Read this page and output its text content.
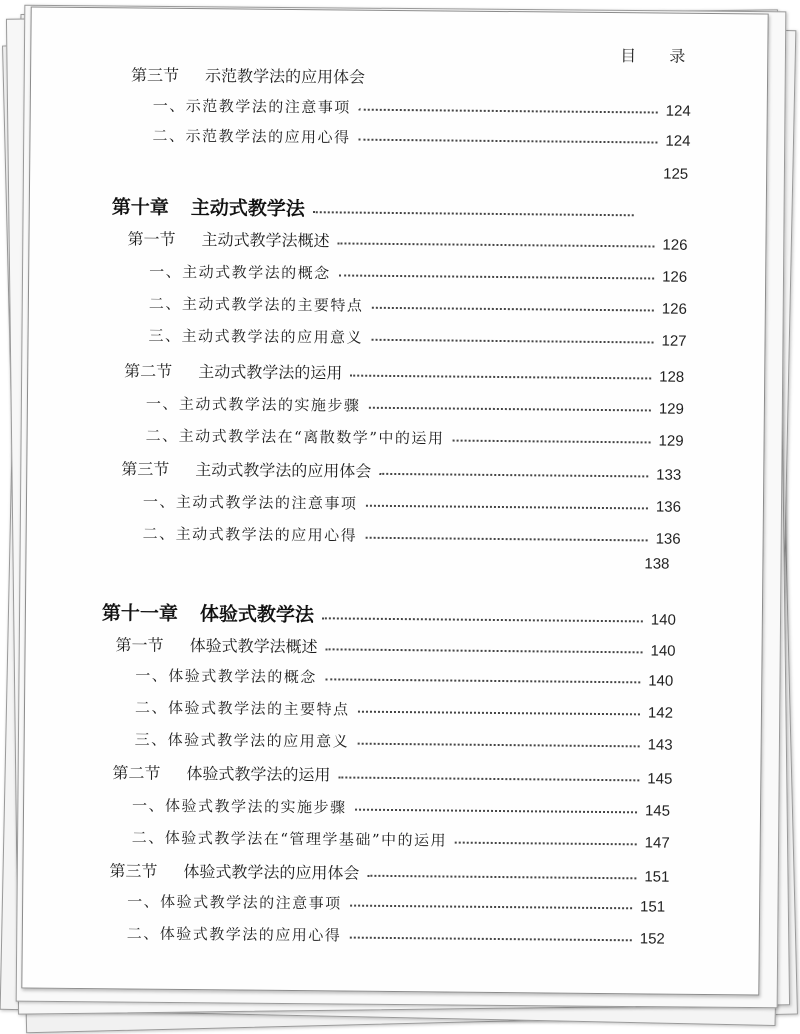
目 录
第三节 示范教学法的应用体会
一、示范教学法的注意事项	124
二、示范教学法的应用心得	124
125
第十章 主动式教学法
第一节 主动式教学法概述	126
一、主动式教学法的概念	126
二、主动式教学法的主要特点	126
三、主动式教学法的应用意义	127
第二节 主动式教学法的运用	128
一、主动式教学法的实施步骤	129
二、主动式教学法在“离散数学”中的运用	129
第三节 主动式教学法的应用体会	133
一、主动式教学法的注意事项	136
二、主动式教学法的应用心得	136
138
第十一章 体验式教学法	140
第一节 体验式教学法概述	140
一、体验式教学法的概念	140
二、体验式教学法的主要特点	142
三、体验式教学法的应用意义	143
第二节 体验式教学法的运用	145
一、体验式教学法的实施步骤	145
二、体验式教学法在“管理学基础”中的运用	147
第三节 体验式教学法的应用体会	151
一、体验式教学法的注意事项	151
二、体验式教学法的应用心得	152
